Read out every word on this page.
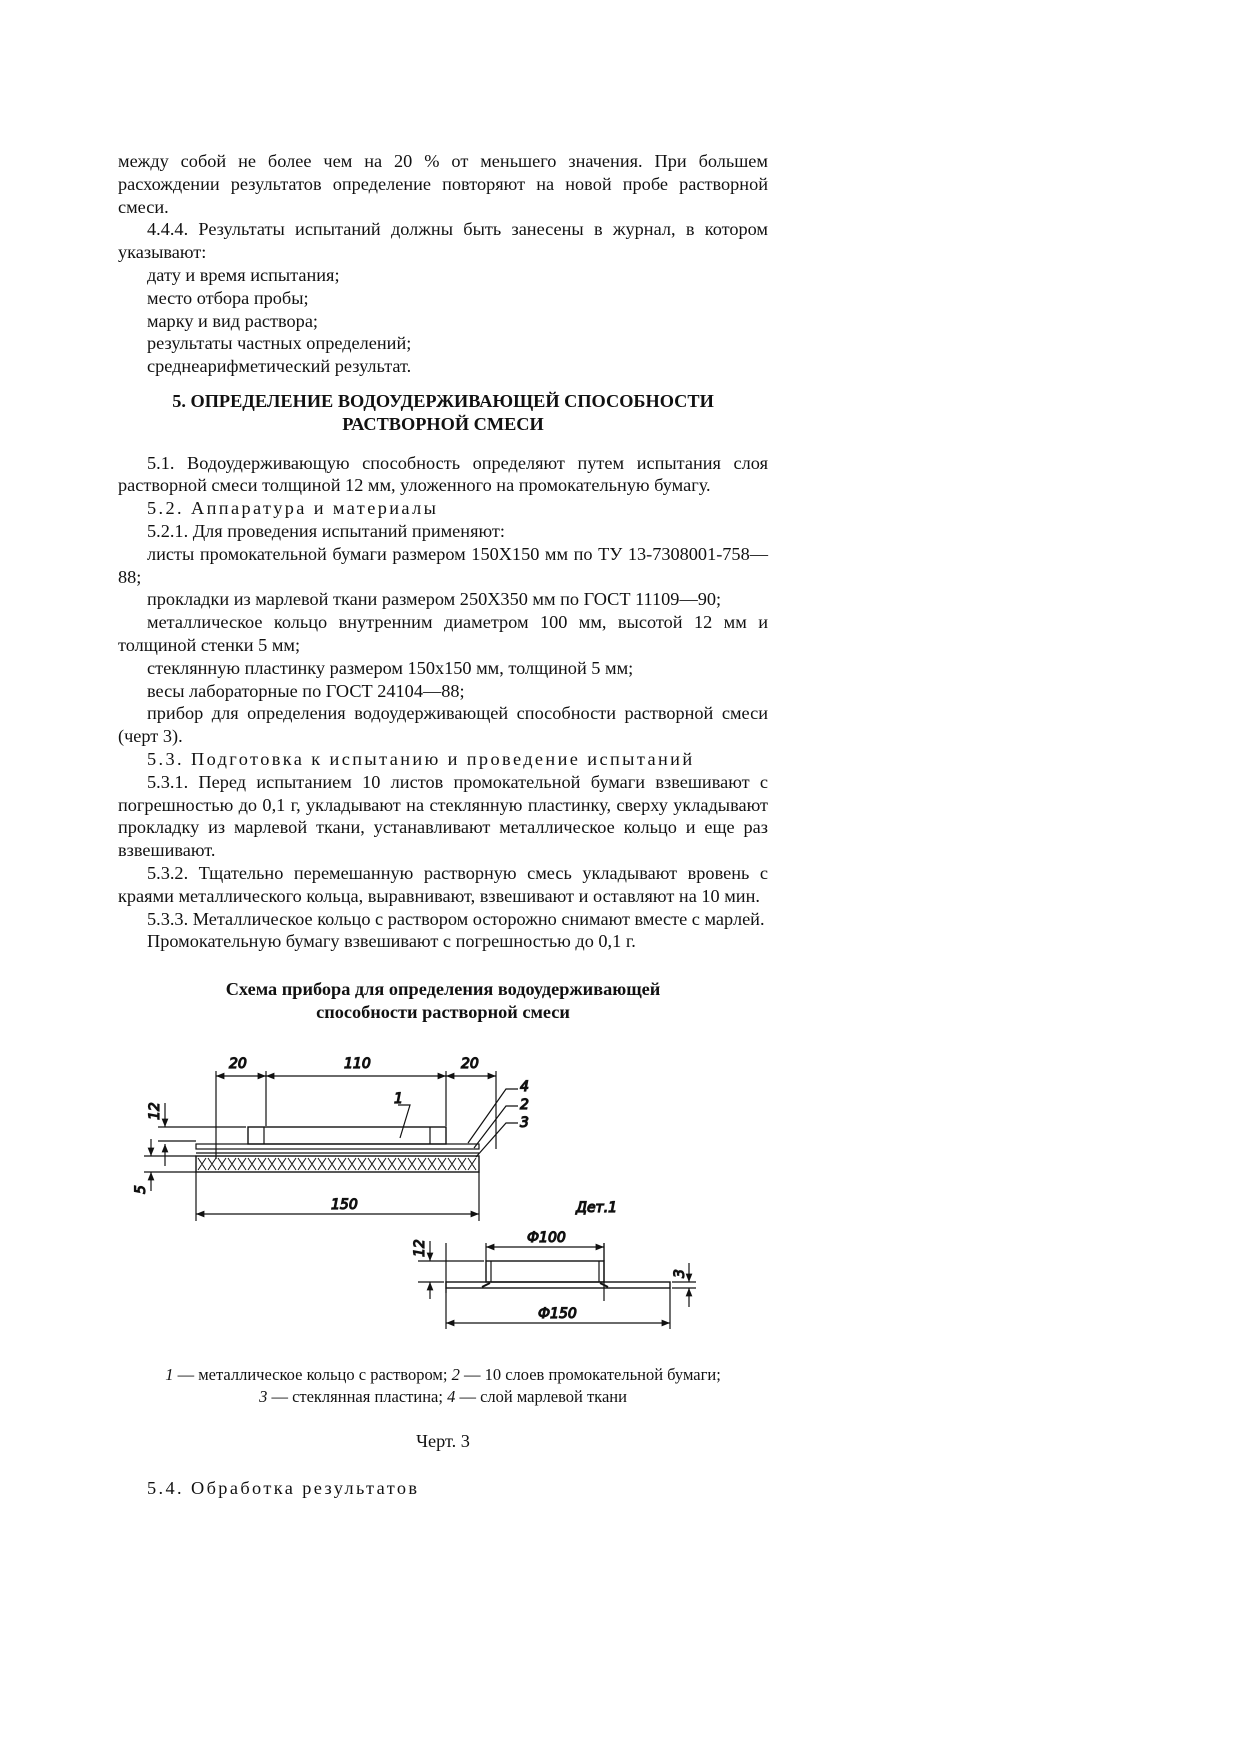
между собой не более чем на 20 % от меньшего значения. При большем расхождении результатов определение повторяют на новой пробе растворной смеси.

4.4.4. Результаты испытаний должны быть занесены в журнал, в котором указывают:

дату и время испытания;

место отбора пробы;

марку и вид раствора;

результаты частных определений;

среднеарифметический результат.

5. ОПРЕДЕЛЕНИЕ ВОДОУДЕРЖИВАЮЩЕЙ СПОСОБНОСТИ
РАСТВОРНОЙ СМЕСИ

5.1. Водоудерживающую способность определяют путем испытания слоя растворной смеси толщиной 12 мм, уложенного на промокательную бумагу.

5.2. Аппаратура и материалы

5.2.1. Для проведения испытаний применяют:

листы промокательной бумаги размером 150Х150 мм по ТУ 13-7308001-758—88;

прокладки из марлевой ткани размером 250Х350 мм по ГОСТ 11109—90;

металлическое кольцо внутренним диаметром 100 мм, высотой 12 мм и толщиной стенки 5 мм;

стеклянную пластинку размером 150x150 мм, толщиной 5 мм;

весы лабораторные по ГОСТ 24104—88;

прибор для определения водоудерживающей способности растворной смеси (черт 3).

5.3. Подготовка к испытанию и проведение испытаний

5.3.1. Перед испытанием 10 листов промокательной бумаги взвешивают с погрешностью до 0,1 г, укладывают на стеклянную пластинку, сверху укладывают прокладку из марлевой ткани, устанавливают металлическое кольцо и еще раз взвешивают.

5.3.2. Тщательно перемешанную растворную смесь укладывают вровень с краями металлического кольца, выравнивают, взвешивают и оставляют на 10 мин.

5.3.3. Металлическое кольцо с раствором осторожно снимают вместе с марлей.

Промокательную бумагу взвешивают с погрешностью до 0,1 г.

Схема прибора для определения водоудерживающей
способности растворной смеси
20	110	20
1
4
2
3
12
5
150	Дет.1
Ф100
12
3
Ф150
1 — металлическое кольцо с раствором; 2 — 10 слоев промокательной бумаги;
3 — стеклянная пластина; 4 — слой марлевой ткани
Черт. 3

5.4. Обработка результатов
